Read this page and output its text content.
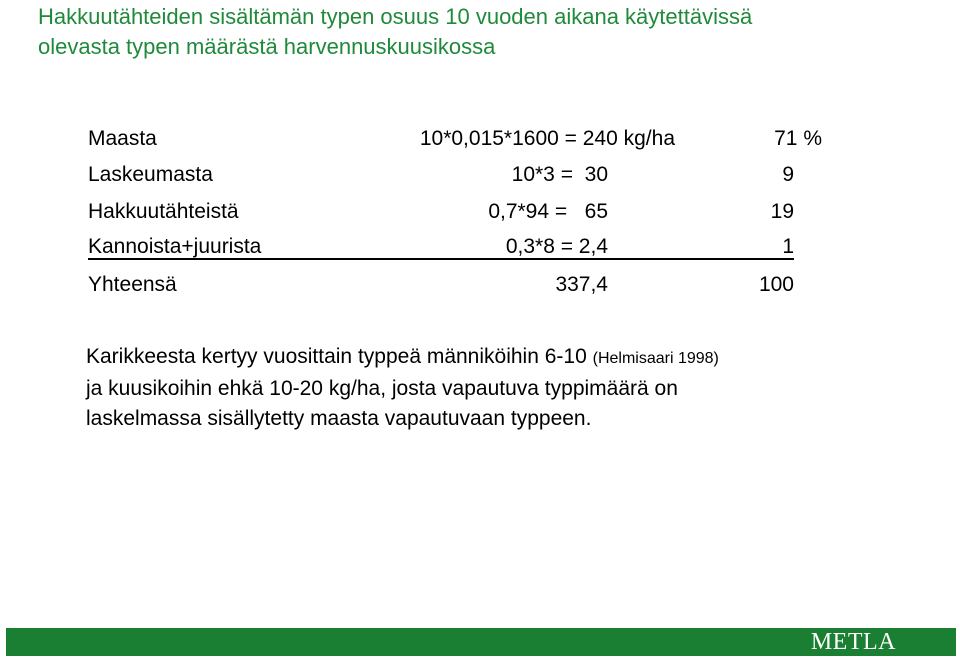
Hakkuutähteiden sisältämän typen osuus 10 vuoden aikana käytettävissä
olevasta typen määrästä harvennuskuusikossa
Maasta	10*0,015*1600 = 240 kg/ha	71 %
Laskeumasta	10*3 =  30	9
Hakkuutähteistä	0,7*94 =   65	19
Kannoista+juurista	0,3*8 = 2,4	1
Yhteensä	337,4	100
Karikkeesta kertyy vuosittain typpeä männiköihin 6-10 (Helmisaari 1998)
ja kuusikoihin ehkä 10-20 kg/ha, josta vapautuva typpimäärä on
laskelmassa sisällytetty maasta vapautuvaan typpeen.
METLA
